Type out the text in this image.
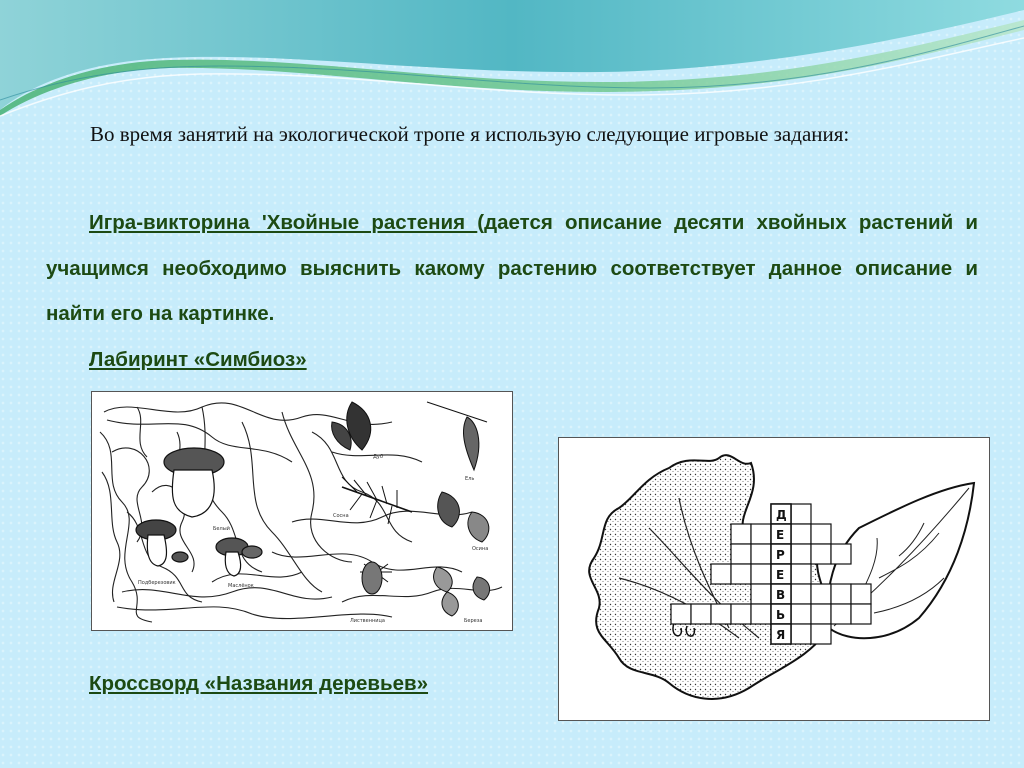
Во время занятий на экологической тропе я использую следующие игровые задания:

Игра-викторина 'Хвойные растения (дается описание десяти хвойных растений и учащимся необходимо выяснить какому растению соответствует данное описание и найти его на картинке.

Лабиринт «Симбиоз»
Дуб
Ель
Белый
Сосна
Осина
Подберезовик	Маслёнок
Лиственница	Береза
Кроссворд «Названия деревьев»
Д
Е
Р
Е
В
Ь
Я
